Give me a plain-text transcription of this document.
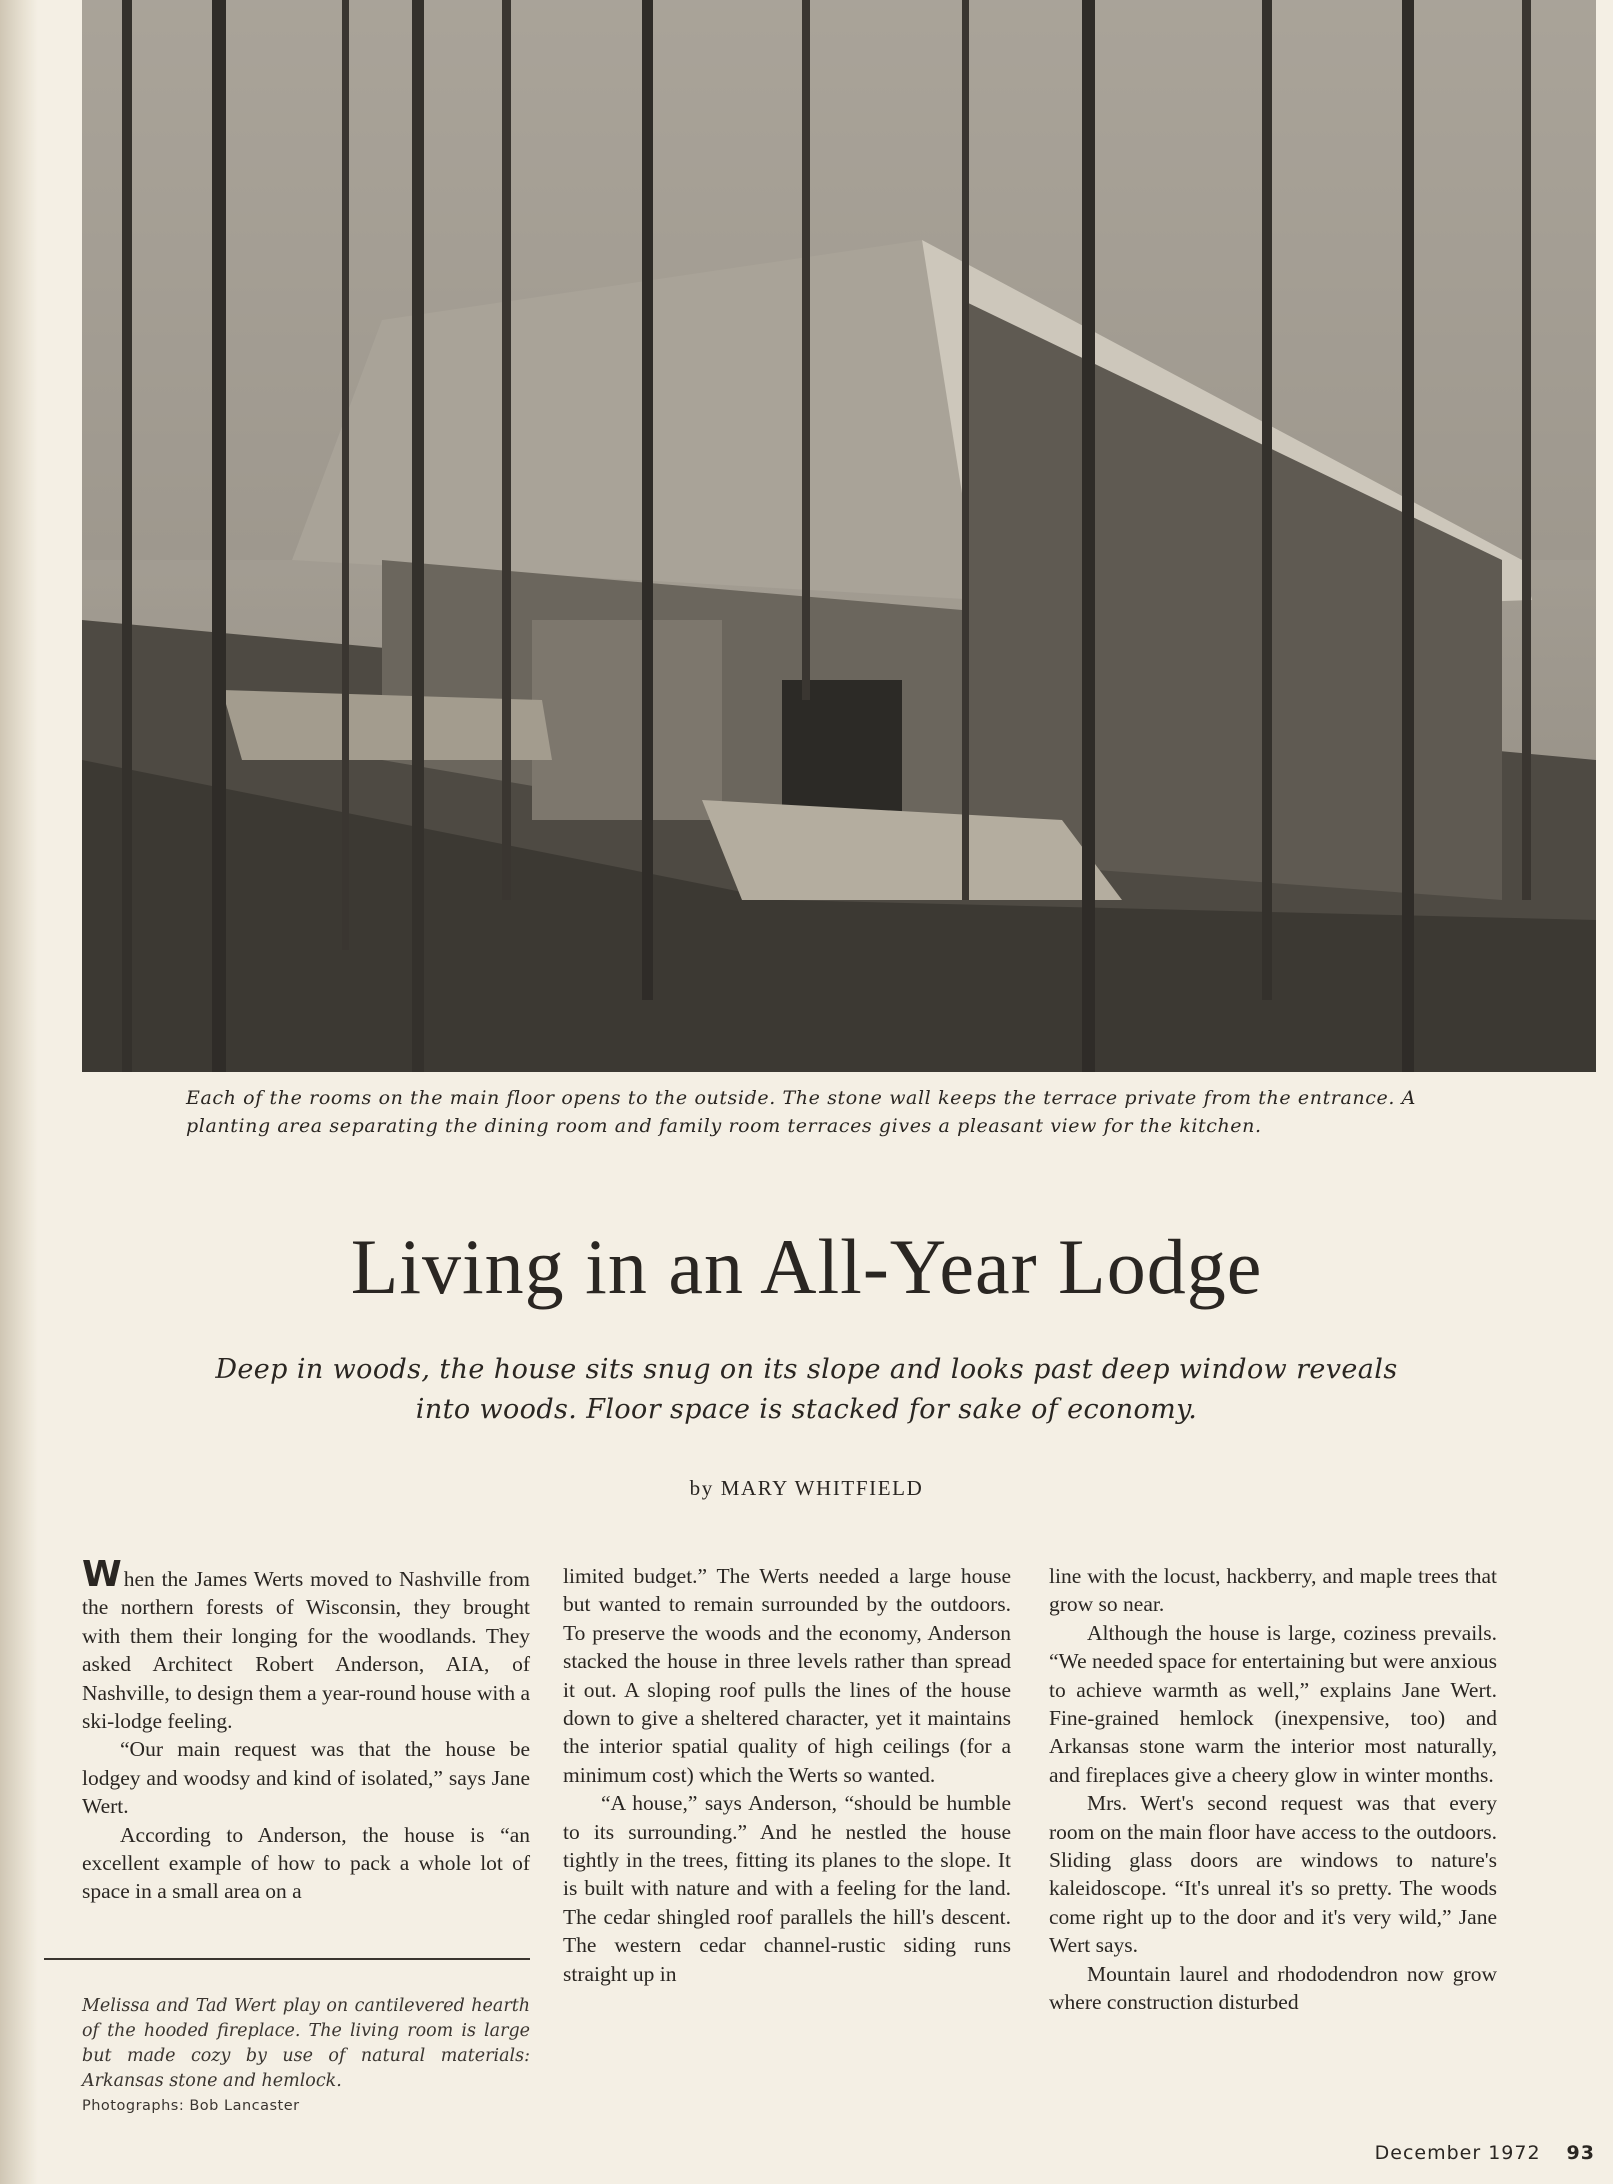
Each of the rooms on the main floor opens to the outside. The stone wall keeps the terrace private from the entrance. A planting area separating the dining room and family room terraces gives a pleasant view for the kitchen.
Living in an All-Year Lodge
Deep in woods, the house sits snug on its slope and looks past deep window reveals into woods. Floor space is stacked for sake of economy.
by MARY WHITFIELD

When the James Werts moved to Nashville from the northern forests of Wisconsin, they brought with them their longing for the woodlands. They asked Architect Robert Anderson, AIA, of Nashville, to design them a year-round house with a ski-lodge feeling.

“Our main request was that the house be lodgey and woodsy and kind of isolated,” says Jane Wert.

According to Anderson, the house is “an excellent example of how to pack a whole lot of space in a small area on a

Melissa and Tad Wert play on cantilevered hearth of the hooded fireplace. The living room is large but made cozy by use of natural materials: Arkansas stone and hemlock.
Photographs: Bob Lancaster

limited budget.” The Werts needed a large house but wanted to remain surrounded by the outdoors. To preserve the woods and the economy, Anderson stacked the house in three levels rather than spread it out. A sloping roof pulls the lines of the house down to give a sheltered character, yet it maintains the interior spatial quality of high ceilings (for a minimum cost) which the Werts so wanted.

“A house,” says Anderson, “should be humble to its surrounding.” And he nestled the house tightly in the trees, fitting its planes to the slope. It is built with nature and with a feeling for the land. The cedar shingled roof parallels the hill's descent. The western cedar channel-rustic siding runs straight up in

line with the locust, hackberry, and maple trees that grow so near.

Although the house is large, coziness prevails. “We needed space for entertaining but were anxious to achieve warmth as well,” explains Jane Wert. Fine-grained hemlock (inexpensive, too) and Arkansas stone warm the interior most naturally, and fireplaces give a cheery glow in winter months.

Mrs. Wert's second request was that every room on the main floor have access to the outdoors. Sliding glass doors are windows to nature's kaleidoscope. “It's unreal it's so pretty. The woods come right up to the door and it's very wild,” Jane Wert says.

Mountain laurel and rhododendron now grow where construction disturbed

December 1972 93
